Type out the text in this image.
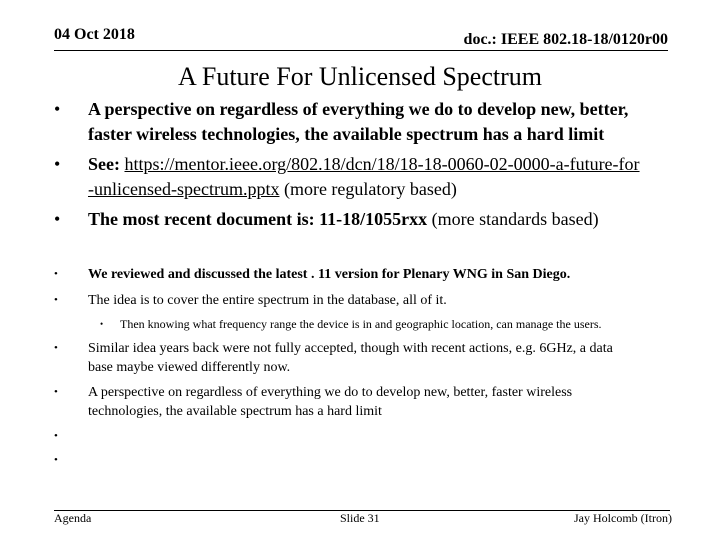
04 Oct 2018	doc.: IEEE 802.18-18/0120r00
A Future For Unlicensed Spectrum
• A perspective on regardless of everything we do to develop new, better,
faster wireless technologies, the available spectrum has a hard limit
• See: https://mentor.ieee.org/802.18/dcn/18/18-18-0060-02-0000-a-future-for
-unlicensed-spectrum.pptx (more regulatory based)
• The most recent document is: 11-18/1055rxx (more standards based)
• We reviewed and discussed the latest . 11 version for Plenary WNG in San Diego.
• The idea is to cover the entire spectrum in the database, all of it.
• Then knowing what frequency range the device is in and geographic location, can manage the users.
• Similar idea years back were not fully accepted, though with recent actions, e.g. 6GHz, a data
base maybe viewed differently now.
• A perspective on regardless of everything we do to develop new, better, faster wireless
technologies, the available spectrum has a hard limit
•
•
Agenda	Slide 31	Jay Holcomb (Itron)
